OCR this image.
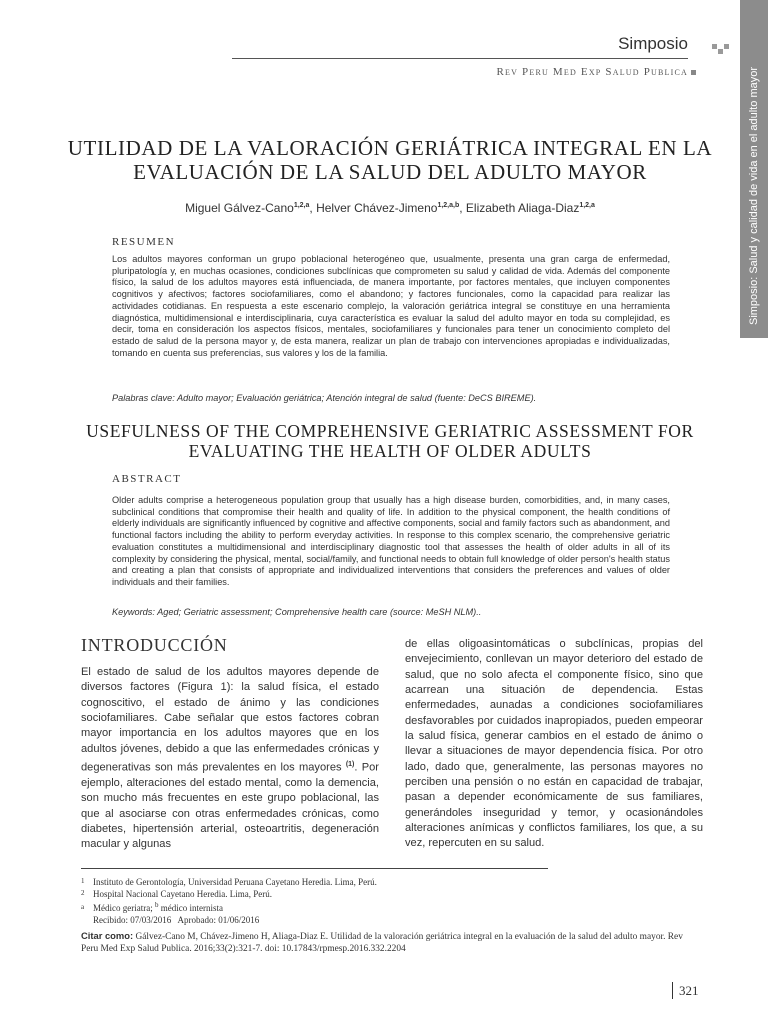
Simposio
Rev Peru Med Exp Salud Publica	Simposio: Salud y calidad de vida en el adulto mayor
UTILIDAD DE LA VALORACIÓN GERIÁTRICA INTEGRAL EN LA EVALUACIÓN DE LA SALUD DEL ADULTO MAYOR
Miguel Gálvez-Cano$^{1,2,a}$, Helver Chávez-Jimeno$^{1,2,a,b}$, Elizabeth Aliaga-Diaz$^{1,2,a}$
RESUMEN

Los adultos mayores conforman un grupo poblacional heterogéneo que, usualmente, presenta una gran carga de enfermedad, pluripatología y, en muchas ocasiones, condiciones subclínicas que comprometen su salud y calidad de vida. Además del componente físico, la salud de los adultos mayores está influenciada, de manera importante, por factores mentales, que incluyen componentes cognitivos y afectivos; factores sociofamiliares, como el abandono; y factores funcionales, como la capacidad para realizar las actividades cotidianas. En respuesta a este escenario complejo, la valoración geriátrica integral se constituye en una herramienta diagnóstica, multidimensional e interdisciplinaria, cuya característica es evaluar la salud del adulto mayor en toda su complejidad, es decir, toma en consideración los aspectos físicos, mentales, sociofamiliares y funcionales para tener un conocimiento completo del estado de salud de la persona mayor y, de esta manera, realizar un plan de trabajo con intervenciones apropiadas e individualizadas, tomando en cuenta sus preferencias, sus valores y los de la familia.

Palabras clave: Adulto mayor; Evaluación geriátrica; Atención integral de salud (fuente: DeCS BIREME).
USEFULNESS OF THE COMPREHENSIVE GERIATRIC ASSESSMENT FOR EVALUATING THE HEALTH OF OLDER ADULTS
ABSTRACT

Older adults comprise a heterogeneous population group that usually has a high disease burden, comorbidities, and, in many cases, subclinical conditions that compromise their health and quality of life. In addition to the physical component, the health conditions of elderly individuals are significantly influenced by cognitive and affective components, social and family factors such as abandonment, and functional factors including the ability to perform everyday activities. In response to this complex scenario, the comprehensive geriatric evaluation constitutes a multidimensional and interdisciplinary diagnostic tool that assesses the health of older adults in all of its complexity by considering the physical, mental, social/family, and functional needs to obtain full knowledge of older person's health status and creating a plan that consists of appropriate and individualized interventions that considers the preferences and values of older individuals and their families.

Keywords: Aged; Geriatric assessment; Comprehensive health care (source: MeSH NLM)..
INTRODUCCIÓN

El estado de salud de los adultos mayores depende de diversos factores (Figura 1): la salud física, el estado cognoscitivo, el estado de ánimo y las condiciones sociofamiliares. Cabe señalar que estos factores cobran mayor importancia en los adultos mayores que en los adultos jóvenes, debido a que las enfermedades crónicas y degenerativas son más prevalentes en los mayores $^{(1)}$. Por ejemplo, alteraciones del estado mental, como la demencia, son mucho más frecuentes en este grupo poblacional, las que al asociarse con otras enfermedades crónicas, como diabetes, hipertensión arterial, osteoartritis, degeneración macular y algunas

de ellas oligoasintomáticas o subclínicas, propias del envejecimiento, conllevan un mayor deterioro del estado de salud, que no solo afecta el componente físico, sino que acarrean una situación de dependencia. Estas enfermedades, aunadas a condiciones sociofamiliares desfavorables por cuidados inapropiados, pueden empeorar la salud física, generar cambios en el estado de ánimo o llevar a situaciones de mayor dependencia física. Por otro lado, dado que, generalmente, las personas mayores no perciben una pensión o no están en capacidad de trabajar, pasan a depender económicamente de sus familiares, generándoles inseguridad y temor, y ocasionándoles alteraciones anímicas y conflictos familiares, los que, a su vez, repercuten en su salud.

1 Instituto de Gerontología, Universidad Peruana Cayetano Heredia. Lima, Perú.
2 Hospital Nacional Cayetano Heredia. Lima, Perú.
a Médico geriatra; $^b$ médico internista
Recibido: 07/03/2016   Aprobado: 01/06/2016
Citar como: Gálvez-Cano M, Chávez-Jimeno H, Aliaga-Diaz E. Utilidad de la valoración geriátrica integral en la evaluación de la salud del adulto mayor. Rev Peru Med Exp Salud Publica. 2016;33(2):321-7. doi: 10.17843/rpmesp.2016.332.2204
321
